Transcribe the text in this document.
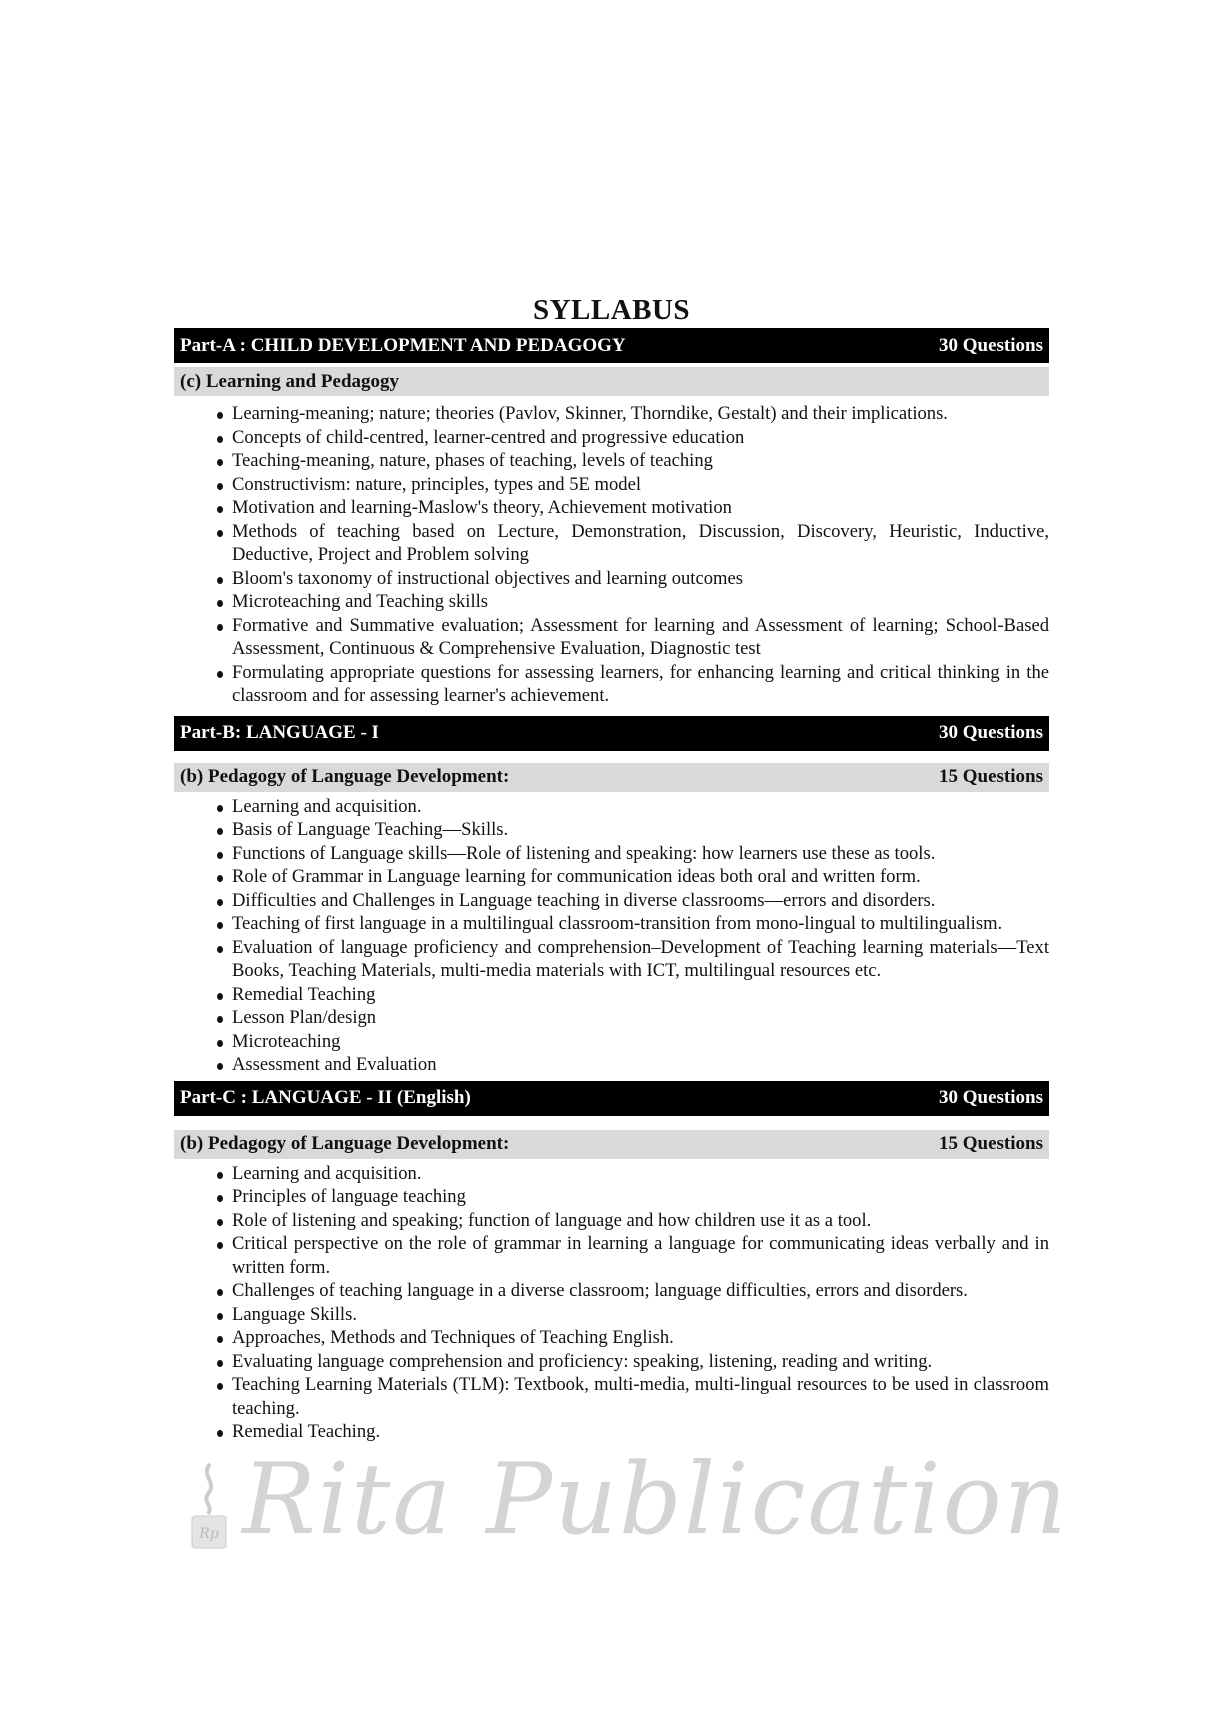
SYLLABUS
Part-A : CHILD DEVELOPMENT AND PEDAGOGY	30 Questions
(c) Learning and Pedagogy
Learning-meaning; nature; theories (Pavlov, Skinner, Thorndike, Gestalt) and their implications.
Concepts of child-centred, learner-centred and progressive education
Teaching-meaning, nature, phases of teaching, levels of teaching
Constructivism: nature, principles, types and 5E model
Motivation and learning-Maslow's theory, Achievement motivation
Methods of teaching based on Lecture, Demonstration, Discussion, Discovery, Heuristic, Inductive, Deductive, Project and Problem solving
Bloom's taxonomy of instructional objectives and learning outcomes
Microteaching and Teaching skills
Formative and Summative evaluation; Assessment for learning and Assessment of learning; School-Based Assessment, Continuous & Comprehensive Evaluation, Diagnostic test
Formulating appropriate questions for assessing learners, for enhancing learning and critical thinking in the classroom and for assessing learner's achievement.
Part-B: LANGUAGE - I	30 Questions
(b) Pedagogy of Language Development:	15 Questions
Learning and acquisition.
Basis of Language Teaching—Skills.
Functions of Language skills—Role of listening and speaking: how learners use these as tools.
Role of Grammar in Language learning for communication ideas both oral and written form.
Difficulties and Challenges in Language teaching in diverse classrooms—errors and disorders.
Teaching of first language in a multilingual classroom-transition from mono-lingual to multilingualism.
Evaluation of language proficiency and comprehension–Development of Teaching learning materials—Text Books, Teaching Materials, multi-media materials with ICT, multilingual resources etc.
Remedial Teaching
Lesson Plan/design
Microteaching
Assessment and Evaluation
Part-C : LANGUAGE - II (English)	30 Questions
(b) Pedagogy of Language Development:	15 Questions
Learning and acquisition.
Principles of language teaching
Role of listening and speaking; function of language and how children use it as a tool.
Critical perspective on the role of grammar in learning a language for communicating ideas verbally and in written form.
Challenges of teaching language in a diverse classroom; language difficulties, errors and disorders.
Language Skills.
Approaches, Methods and Techniques of Teaching English.
Evaluating language comprehension and proficiency: speaking, listening, reading and writing.
Teaching Learning Materials (TLM): Textbook, multi-media, multi-lingual resources to be used in classroom teaching.
Remedial Teaching.
Rp Rita Publication
